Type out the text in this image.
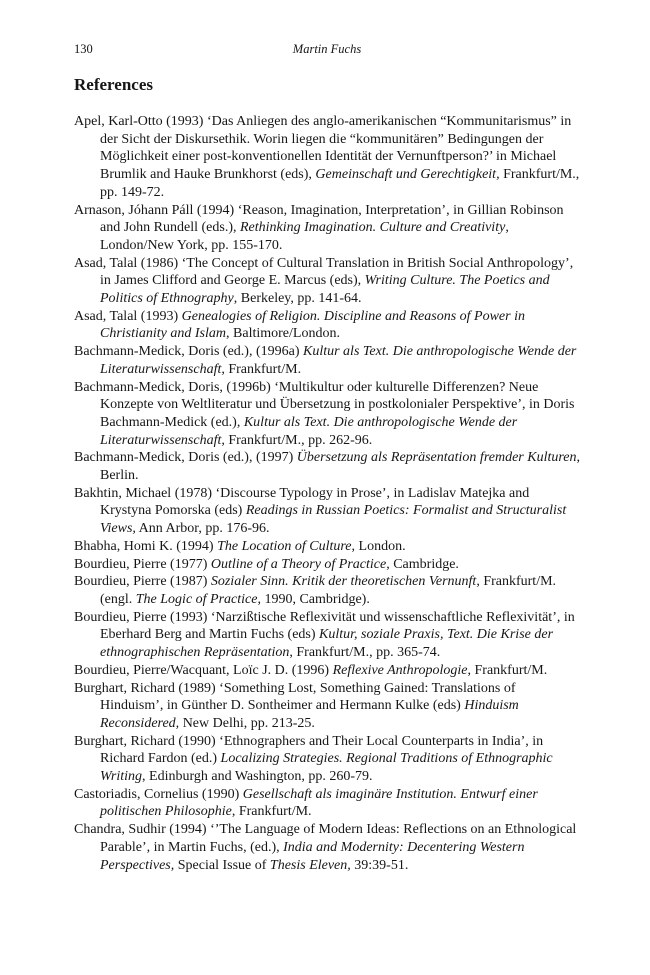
130	Martin Fuchs
References
Apel, Karl-Otto (1993) ‘Das Anliegen des anglo-amerikanischen “Kommunitarismus” in der Sicht der Diskursethik. Worin liegen die “kommunitären” Bedingungen der Möglichkeit einer post-konventionellen Identität der Vernunftperson?’ in Michael Brumlik and Hauke Brunkhorst (eds), Gemeinschaft und Gerechtigkeit, Frankfurt/M., pp. 149-72.
Arnason, Jóhann Páll (1994) ‘Reason, Imagination, Interpretation’, in Gillian Robinson and John Rundell (eds.), Rethinking Imagination. Culture and Creativity, London/New York, pp. 155-170.
Asad, Talal (1986) ‘The Concept of Cultural Translation in British Social Anthropology’, in James Clifford and George E. Marcus (eds), Writing Culture. The Poetics and Politics of Ethnography, Berkeley, pp. 141-64.
Asad, Talal (1993) Genealogies of Religion. Discipline and Reasons of Power in Christianity and Islam, Baltimore/London.
Bachmann-Medick, Doris (ed.), (1996a) Kultur als Text. Die anthropologische Wende der Literaturwissenschaft, Frankfurt/M.
Bachmann-Medick, Doris, (1996b) ‘Multikultur oder kulturelle Differenzen? Neue Konzepte von Weltliteratur und Übersetzung in postkolonialer Perspektive’, in Doris Bachmann-Medick (ed.), Kultur als Text. Die anthropologische Wende der Literaturwissenschaft, Frankfurt/M., pp. 262-96.
Bachmann-Medick, Doris (ed.), (1997) Übersetzung als Repräsentation fremder Kulturen, Berlin.
Bakhtin, Michael (1978) ‘Discourse Typology in Prose’, in Ladislav Matejka and Krystyna Pomorska (eds) Readings in Russian Poetics: Formalist and Structuralist Views, Ann Arbor, pp. 176-96.
Bhabha, Homi K. (1994) The Location of Culture, London.
Bourdieu, Pierre (1977) Outline of a Theory of Practice, Cambridge.
Bourdieu, Pierre (1987) Sozialer Sinn. Kritik der theoretischen Vernunft, Frankfurt/M. (engl. The Logic of Practice, 1990, Cambridge).
Bourdieu, Pierre (1993) ‘Narzißtische Reflexivität und wissenschaftliche Reflexivität’, in Eberhard Berg and Martin Fuchs (eds) Kultur, soziale Praxis, Text. Die Krise der ethnographischen Repräsentation, Frankfurt/M., pp. 365-74.
Bourdieu, Pierre/Wacquant, Loïc J. D. (1996) Reflexive Anthropologie, Frankfurt/M.
Burghart, Richard (1989) ‘Something Lost, Something Gained: Translations of Hinduism’, in Günther D. Sontheimer and Hermann Kulke (eds) Hinduism Reconsidered, New Delhi, pp. 213-25.
Burghart, Richard (1990) ‘Ethnographers and Their Local Counterparts in India’, in Richard Fardon (ed.) Localizing Strategies. Regional Traditions of Ethnographic Writing, Edinburgh and Washington, pp. 260-79.
Castoriadis, Cornelius (1990) Gesellschaft als imaginäre Institution. Entwurf einer politischen Philosophie, Frankfurt/M.
Chandra, Sudhir (1994) ‘’The Language of Modern Ideas: Reflections on an Ethnological Parable’, in Martin Fuchs, (ed.), India and Modernity: Decentering Western Perspectives, Special Issue of Thesis Eleven, 39:39-51.
